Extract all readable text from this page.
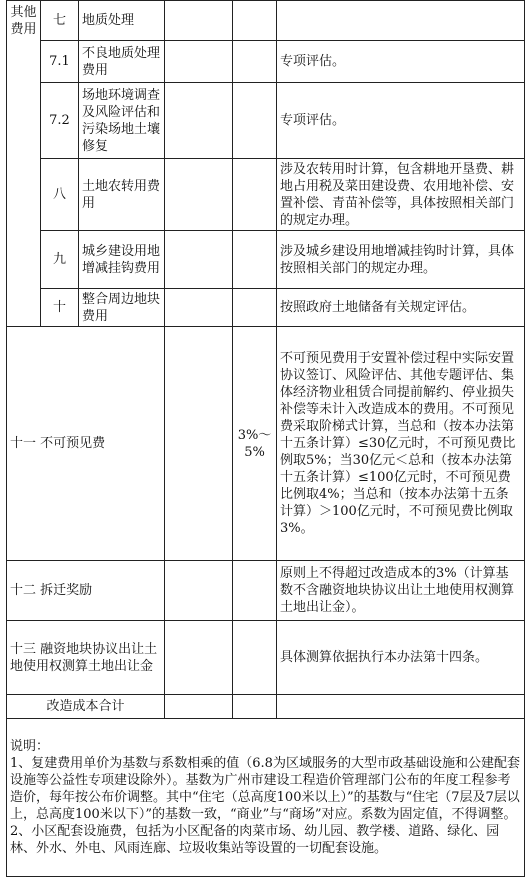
其他费用	七	地质处理			
	7.1	不良地质处理费用			专项评估。
	7.2	场地环境调查及风险评估和污染场地土壤修复			专项评估。
	八	土地农转用费用			涉及农转用时计算，包含耕地开垦费、耕地占用税及菜田建设费、农用地补偿、安置补偿、青苗补偿等，具体按照相关部门的规定办理。
	九	城乡建设用地增减挂钩费用			涉及城乡建设用地增减挂钩时计算，具体按照相关部门的规定办理。
	十	整合周边地块费用			按照政府土地储备有关规定评估。
十一 不可预见费				3%～5%	不可预见费用于安置补偿过程中实际安置协议签订、风险评估、其他专题评估、集体经济物业租赁合同提前解约、停业损失补偿等未计入改造成本的费用。不可预见费采取阶梯式计算，当总和（按本办法第十五条计算）≤30亿元时，不可预见费比例取5%；当30亿元＜总和（按本办法第十五条计算）≤100亿元时，不可预见费比例取4%；当总和（按本办法第十五条计算）＞100亿元时，不可预见费比例取3%。
十二 拆迁奖励					原则上不得超过改造成本的3%（计算基数不含融资地块协议出让土地使用权测算土地出让金）。
十三 融资地块协议出让土地使用权测算土地出让金					具体测算依据执行本办法第十四条。
改造成本合计					

说明：
1、复建费用单价为基数与系数相乘的值（6.8为区域服务的大型市政基础设施和公建配套设施等公益性专项建设除外）。基数为广州市建设工程造价管理部门公布的年度工程参考造价，每年按公布价调整。其中“住宅（总高度100米以上）”的基数与“住宅（7层及7层以上，总高度100米以下）”的基数一致，“商业”与“商场”对应。系数为固定值，不得调整。
2、小区配套设施费，包括为小区配备的肉菜市场、幼儿园、教学楼、道路、绿化、园林、外水、外电、风雨连廊、垃圾收集站等设置的一切配套设施。					
